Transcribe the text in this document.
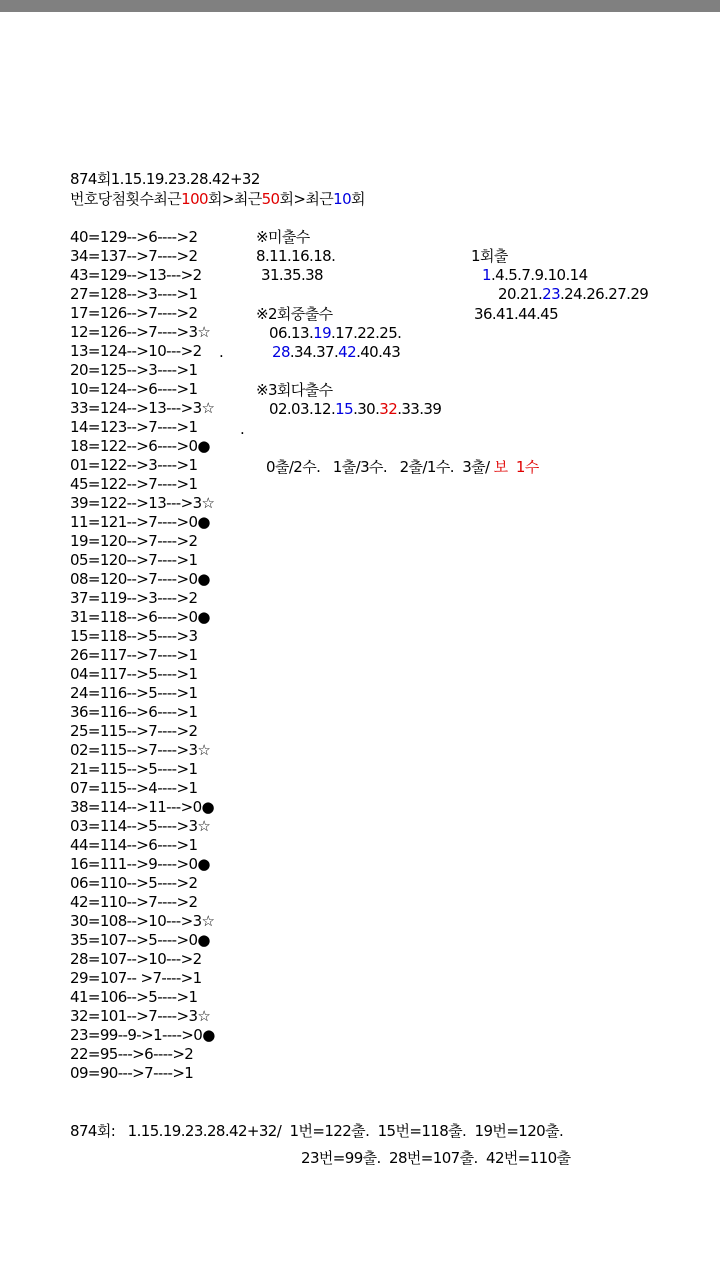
874회1.15.19.23.28.42+32
번호당첨횟수최근100회>최근50회>최근10회
40=129-->6---->2
34=137-->7---->2
43=129-->13--->2
27=128-->3---->1
17=126-->7---->2
12=126-->7---->3☆
13=124-->10--->2
20=125-->3---->1
10=124-->6---->1
33=124-->13--->3☆
14=123-->7---->1
18=122-->6---->0●
01=122-->3---->1
45=122-->7---->1
39=122-->13--->3☆
11=121-->7---->0●
19=120-->7---->2
05=120-->7---->1
08=120-->7---->0●
37=119-->3---->2
31=118-->6---->0●
15=118-->5---->3
26=117-->7---->1
04=117-->5---->1
24=116-->5---->1
36=116-->6---->1
25=115-->7---->2
02=115-->7---->3☆
21=115-->5---->1
07=115-->4---->1
38=114-->11--->0●
03=114-->5---->3☆
44=114-->6---->1
16=111-->9---->0●
06=110-->5---->2
42=110-->7---->2
30=108-->10--->3☆
35=107-->5---->0●
28=107-->10--->2
29=107-- >7---->1
41=106-->5---->1
32=101-->7---->3☆
23=99--9->1---->0●
22=95--->6---->2
09=90--->7---->1
※미출수
8.11.16.18.
31.35.38
1회출
1.4.5.7.9.10.14
20.21.23.24.26.27.29
36.41.44.45
※2회중출수
06.13.19.17.22.25.
28.34.37.42.40.43
.
※3회다출수
02.03.12.15.30.32.33.39
.
0출/2수.   1출/3수.   2출/1수.  3출/ 보  1수
874회:   1.15.19.23.28.42+32/  1번=122출.  15번=118출.  19번=120출.
23번=99출.  28번=107출.  42번=110출
